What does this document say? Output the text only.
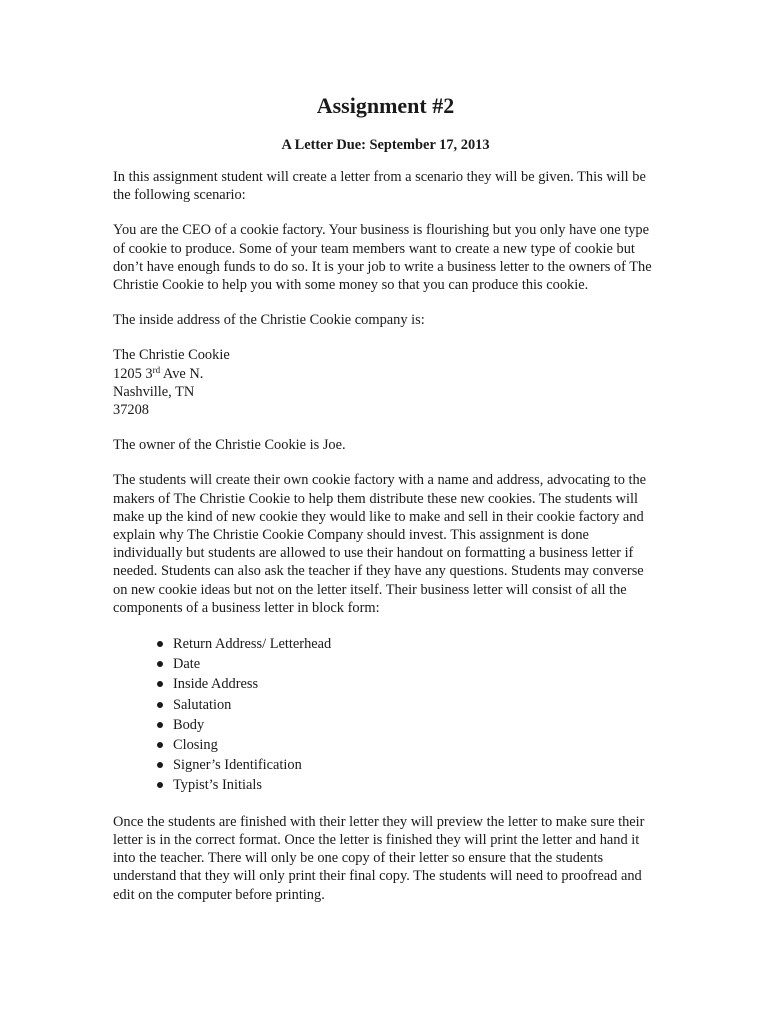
Assignment #2
A Letter Due: September 17, 2013

In this assignment student will create a letter from a scenario they will be given. This will be the following scenario:

You are the CEO of a cookie factory. Your business is flourishing but you only have one type of cookie to produce. Some of your team members want to create a new type of cookie but don’t have enough funds to do so. It is your job to write a business letter to the owners of The Christie Cookie to help you with some money so that you can produce this cookie.

The inside address of the Christie Cookie company is:

The Christie Cookie
1205 3rd Ave N.
Nashville, TN
37208

The owner of the Christie Cookie is Joe.

The students will create their own cookie factory with a name and address, advocating to the makers of The Christie Cookie to help them distribute these new cookies. The students will make up the kind of new cookie they would like to make and sell in their cookie factory and explain why The Christie Cookie Company should invest. This assignment is done individually but students are allowed to use their handout on formatting a business letter if needed. Students can also ask the teacher if they have any questions. Students may converse on new cookie ideas but not on the letter itself. Their business letter will consist of all the components of a business letter in block form:

Return Address/ Letterhead
Date
Inside Address
Salutation
Body
Closing
Signer’s Identification
Typist’s Initials

Once the students are finished with their letter they will preview the letter to make sure their letter is in the correct format. Once the letter is finished they will print the letter and hand it into the teacher. There will only be one copy of their letter so ensure that the students understand that they will only print their final copy. The students will need to proofread and edit on the computer before printing.
